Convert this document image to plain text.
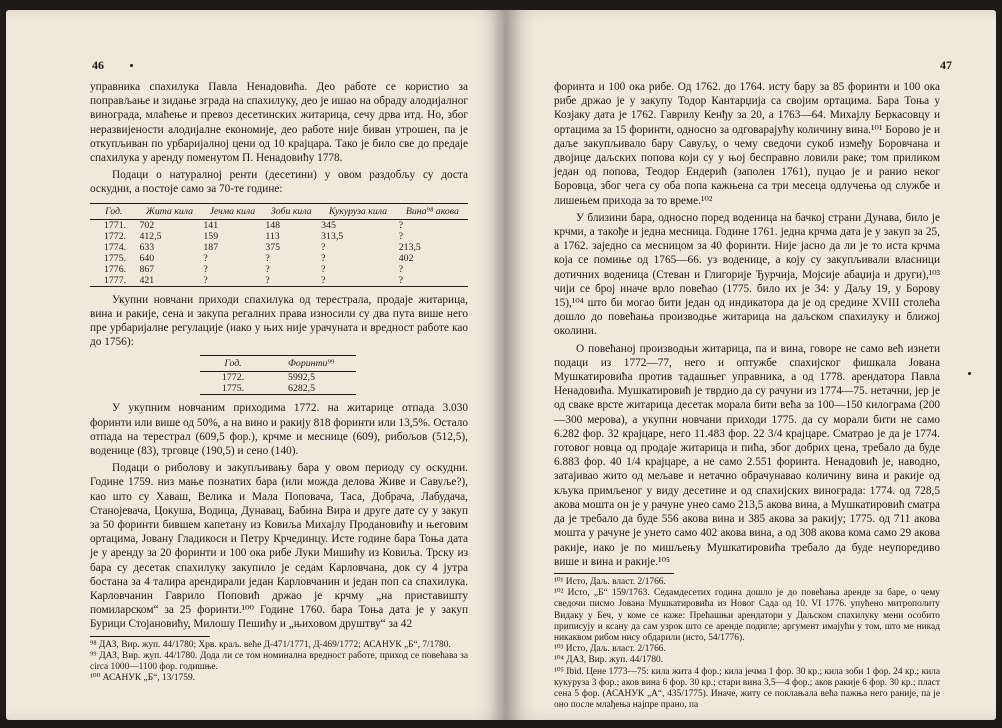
46

управника спахилука Павла Ненадовића. Део работе се користио за поправљање и зидање зграда на спахилуку, део је ишао на обраду алодијалног винограда, млаћење и превоз десетинских житарица, сечу дрва итд. Но, због неразвијености алодијалне економије, део работе није биван утрошен, па је откупљиван по урбаријалној цени од 10 крајцара. Тако је било све до предаје спахилука у аренду поменутом П. Ненадовићу 1778.

Подаци о натуралној ренти (десетини) у овом раздобљу су доста оскудни, а постоје само за 70-те године:

Год.	Жита кила	Јечма кила	Зоби кила	Кукуруза кила	Вина⁹⁸ акова
1771.	702	141	148	345	?
1772.	412,5	159	113	313,5	?
1774.	633	187	375	?	213,5
1775.	640	?	?	?	402
1776.	867	?	?	?	?
1777.	421	?	?	?	?

Укупни новчани приходи спахилука од терестрала, продаје житарица, вина и ракије, сена и закупа регалних права износили су два пута више него пре урбаријалне регулације (иако у њих није урачуната и вредност работе као до 1756):

Год.	Форинти⁹⁹
1772.	5992,5
1775.	6282,5

У укупним новчаним приходима 1772. на житарице отпада 3.030 форинти или више од 50%, а на вино и ракију 818 форинти или 13,5%. Остало отпада на терестрал (609,5 фор.), крчме и меснице (609), рибољов (512,5), воденице (83), трговце (190,5) и сено (140).

Подаци о риболову и закупљивању бара у овом периоду су оскудни. Године 1759. низ мање познатих бара (или можда делова Живе и Савуље?), као што су Хаваш, Велика и Мала Поповача, Таса, Добрача, Лабудача, Станојевача, Цокуша, Водица, Дунавац, Бабина Вира и друге дате су у закуп за 50 форинти бившем капетану из Ковиља Михајлу Продановићу и његовим ортацима, Јовану Гладикоси и Петру Крчединцу. Исте године бара Тоња дата је у аренду за 20 форинти и 100 ока рибе Луки Мишићу из Ковиља. Трску из бара су десетак спахилуку закупило је седам Карловчана, док су 4 јутра бостана за 4 талира арендирали један Карловчанин и један поп са спахилука. Карловчанин Гаврило Поповић држао је крчму „на приставишту помиларском“ за 25 форинти.¹⁰⁰ Године 1760. бара Тоња дата је у закуп Бурици Стојановићу, Милошу Пешићу и „њиховом друштву“ за 42

⁹⁸ ДАЗ, Вир. жуп. 44/1780; Хрв. краљ. веће Д-471/1771, Д-469/1772; АСАНУК „Б“, 7/1780.

⁹⁹ ДАЗ, Вир. жуп. 44/1780. Дода ли се том номинална вредност работе, приход се повећава за circa 1000—1100 фор. годишње.

¹⁰⁰ АСАНУК „Б“, 13/1759.

47

форинта и 100 ока рибе. Од 1762. до 1764. исту бару за 85 форинти и 100 ока рибе држао је у закупу Тодор Кантарџија са својим ортацима. Бара Тоња у Козјаку дата је 1762. Гаврилу Кенђу за 20, а 1763—64. Михајлу Беркасовцу и ортацима за 15 форинти, односно за одговарајућу количину вина.¹⁰¹ Борово је и даље закупљивало бару Савуљу, о чему сведочи сукоб између Боровчана и двојице даљских попова који су у њој бесправно ловили раке; том приликом један од попова, Теодор Ендерић (заполен 1761), пуцао је и ранио неког Боровца, због чега су оба попа кажњена са три месеца одлучења од службе и лишењем прихода за то време.¹⁰²

У близини бара, односно поред воденица на бачкој страни Дунава, било је крчми, а такође и једна месница. Године 1761. једна крчма дата је у закуп за 25, а 1762. заједно са месницом за 40 форинти. Није јасно да ли је то иста крчма која се помиње од 1765—66. уз воденице, а коју су закупљивали власници дотичних воденица (Стеван и Глигорије Ђурчија, Мојсије абаџија и други),¹⁰³ чији се број иначе врло повећао (1775. било их је 34: у Даљу 19, у Борову 15),¹⁰⁴ што би могао бити један од индикатора да је од средине XVIII столећа дошло до повећања производње житарица на даљском спахилуку и ближој околини.

О повећаној производњи житарица, па и вина, говоре не само већ изнети подаци из 1772—77, него и оптужбе спахијског фишкала Јована Мушкатировића против тадашњег управника, а од 1778. арендатора Павла Ненадовића. Мушкатировић је тврдио да су рачуни из 1774—75. нетачни, јер је од сваке врсте житарица десетак морала бити већа за 100—150 килограма (200—300 мерова), а укупни новчани приходи 1775. да су морали бити не само 6.282 фор. 32 крајцаре, него 11.483 фор. 22 3/4 крајцаре. Сматрао је да је 1774. готовог новца од продаје житарица и пића, због добрих цена, требало да буде 6.883 фор. 40 1/4 крајцаре, а не само 2.551 форинта. Ненадовић је, наводно, затајивао жито од мељаве и нетачно обрачунавао количину вина и ракије од кљука примљеног у виду десетине и од спахијских винограда: 1774. од 728,5 акова мошта он је у рачуне унео само 213,5 акова вина, а Мушкатировић сматра да је требало да буде 556 акова вина и 385 акова за ракију; 1775. од 711 акова мошта у рачуне је унето само 402 акова вина, а од 308 акова кома само 29 акова ракије, иако је по мишљењу Мушкатировића требало да буде неупоредиво више и вина и ракије.¹⁰⁵

¹⁰¹ Исто, Даљ. власт. 2/1766.

¹⁰² Исто, „Б“ 159/1763. Седамдесетих година дошло је до повећања аренде за баре, о чему сведочи писмо Јована Мушкатировића из Новог Сада од 10. VI 1776. упућено митрополиту Видаку у Беч, у коме се каже: Прећашњи арендатори у Даљском спахилуку мени особито приписују и ксану да сам узрок што се аренде подигле; аргумент имајући у том, што ме никад никаквом рибом нису обдарили (исто, 54/1776).

¹⁰³ Исто, Даљ. власт. 2/1766.

¹⁰⁴ ДАЗ, Вир. жуп. 44/1780.

¹⁰⁵ Ibid. Цене 1773—75: кила жита 4 фор.; кила јечма 1 фор. 30 кр.; кила зоби 1 фор. 24 кр.; кила кукуруза 3 фор.; аков вина 6 фор. 30 кр.; стари вина 3,5—4 фор.; аков ракије 6 фор. 30 кр.; пласт сена 5 фор. (АСАНУК „А“, 435/1775). Иначе, житу се поклањала већа пажња него раније, па је оно после млађења најпре прано, па
